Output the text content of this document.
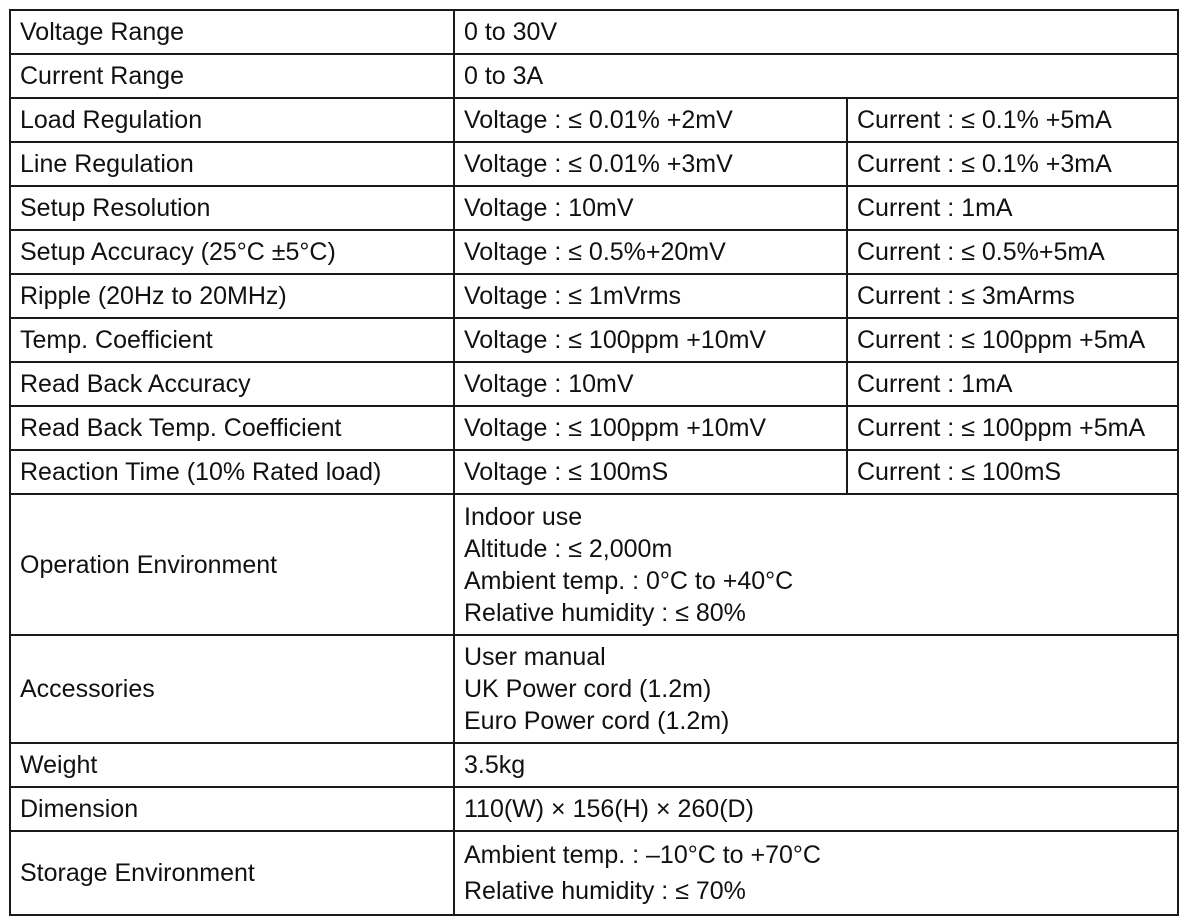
Voltage Range	0 to 30V	
Current Range	0 to 3A	
Load Regulation	Voltage : ≤ 0.01% +2mV	Current : ≤ 0.1% +5mA
Line Regulation	Voltage : ≤ 0.01% +3mV	Current : ≤ 0.1% +3mA
Setup Resolution	Voltage : 10mV	Current : 1mA
Setup Accuracy (25°C ±5°C)	Voltage : ≤ 0.5%+20mV	Current : ≤ 0.5%+5mA
Ripple (20Hz to 20MHz)	Voltage : ≤ 1mVrms	Current : ≤ 3mArms
Temp. Coefficient	Voltage : ≤ 100ppm +10mV	Current : ≤ 100ppm +5mA
Read Back Accuracy	Voltage : 10mV	Current : 1mA
Read Back Temp. Coefficient	Voltage : ≤ 100ppm +10mV	Current : ≤ 100ppm +5mA
Reaction Time (10% Rated load)	Voltage : ≤ 100mS	Current : ≤ 100mS
Operation Environment	Indoor use
Altitude : ≤ 2,000m
Ambient temp. : 0°C to +40°C
Relative humidity : ≤ 80%	

Accessories	User manual
UK Power cord (1.2m)
Euro Power cord (1.2m)	

Weight	3.5kg	
Dimension	110(W) × 156(H) × 260(D)	
Storage Environment	Ambient temp. : –10°C to +70°C
Relative humidity : ≤ 70%	
